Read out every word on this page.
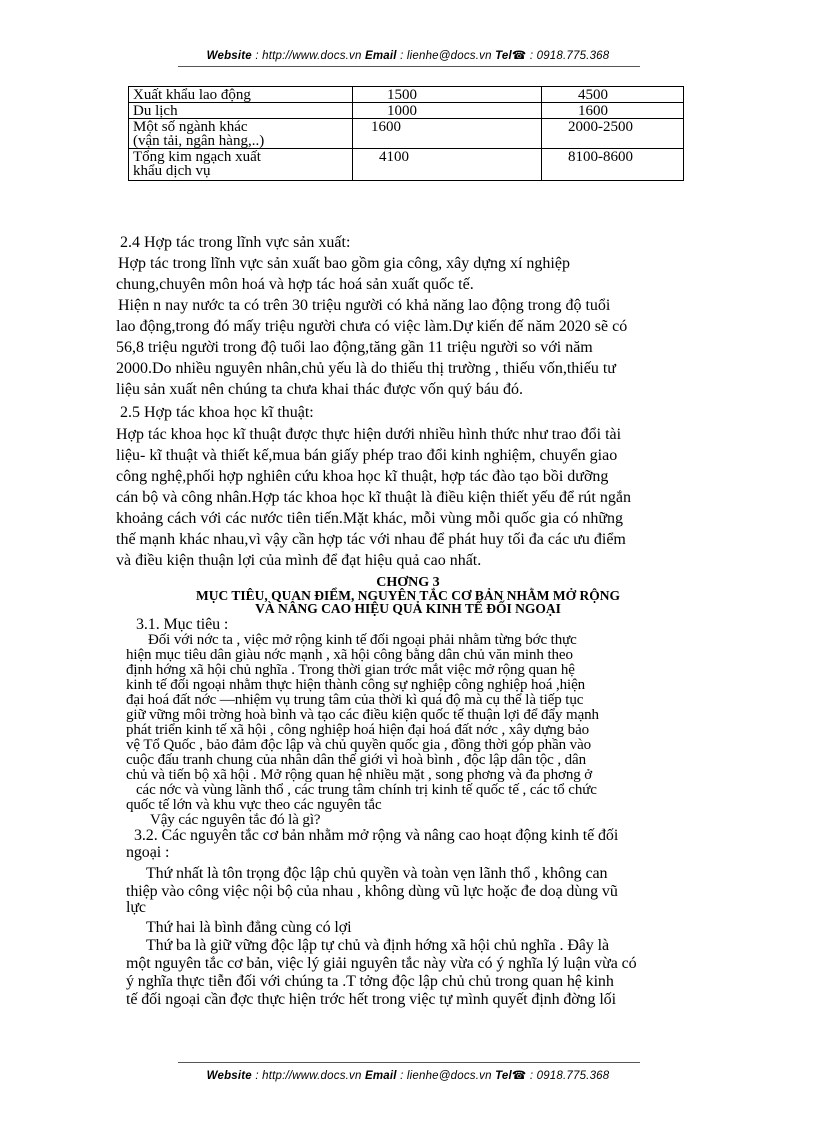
Website : http://www.docs.vn Email : lienhe@docs.vn Tel☎ : 0918.775.368
Xuất khẩu lao động	1500	4500
Du lịch	1000	1600
Một số ngành khác
(vận tải, ngân hàng,..)	1600	2000-2500
Tổng kim ngạch xuất
khẩu dịch vụ	4100	8100-8600
2.4 Hợp tác trong lĩnh vực sản xuất:
Hợp tác trong lĩnh vực sản xuất bao gồm gia công, xây dựng xí nghiệp
chung,chuyên môn hoá và hợp tác hoá sản xuất quốc tế.
Hiện n nay nước ta có trên 30 triệu người có khả năng lao động trong độ tuổi
lao động,trong đó mấy triệu người chưa có việc làm.Dự kiến đế năm 2020 sẽ có
56,8 triệu người trong độ tuổi lao động,tăng gần 11 triệu người so với năm
2000.Do nhiều nguyên nhân,chủ yếu là do thiếu thị trường , thiếu vốn,thiếu tư
liệu sản xuất nên chúng ta chưa khai thác được vốn quý báu đó.
2.5 Hợp tác khoa học kĩ thuật:
Hợp tác khoa học kĩ thuật được thực hiện dưới nhiều hình thức như trao đổi tài
liệu- kĩ thuật và thiết kế,mua bán giấy phép trao đổi kinh nghiệm, chuyển giao
công nghệ,phối hợp nghiên cứu khoa học kĩ thuật, hợp tác đào tạo bồi dưỡng
cán bộ và công nhân.Hợp tác khoa học kĩ thuật là điều kiện thiết yếu để rút ngắn
khoảng cách với các nước tiên tiến.Mặt khác, mỗi vùng mỗi quốc gia có những
thế mạnh khác nhau,vì vậy cần hợp tác với nhau để phát huy tối đa các ưu điểm
và điều kiện thuận lợi của mình để đạt hiệu quả cao nhất.
CHƠNG 3
MỤC TIÊU, QUAN ĐIỂM, NGUYÊN TẮC CƠ BẢN NHẰM MỞ RỘNG
VÀ NÂNG CAO HIỆU QUẢ KINH TẾ ĐỐI NGOẠI
3.1. Mục tiêu :
Đối với nớc ta , việc mở rộng kinh tế đối ngoại phải nhằm từng bớc thực
hiện mục tiêu dân giàu nớc mạnh , xã hội công bằng dân chủ văn minh theo
định hớng xã hội chủ nghĩa . Trong thời gian trớc mắt việc mở rộng quan hệ
kinh tế đối ngoại nhằm thực hiện thành công sự nghiệp công nghiệp hoá ,hiện
đại hoá đất nớc —nhiệm vụ trung tâm của thời kì quá độ mà cụ thể là tiếp tục
giữ vững môi trờng hoà bình và tạo các điều kiện quốc tế thuận lợi để đẩy mạnh
phát triển kinh tế xã hội , công nghiệp hoá hiện đại hoá đất nớc , xây dựng bảo
vệ Tổ Quốc , bảo đảm độc lập và chủ quyền quốc gia , đồng thời góp phần vào
cuộc đấu tranh chung của nhân dân thế giới vì hoà bình , độc lập dân tộc , dân
chủ và tiến bộ xã hội . Mở rộng quan hệ nhiều mặt , song phơng và đa phơng ở
các nớc và vùng lãnh thổ , các trung tâm chính trị kinh tế quốc tế , các tổ chức
quốc tế lớn và khu vực theo các nguyên tắc
Vậy các nguyên tắc đó là gì?
3.2. Các nguyên tắc cơ bản nhằm mở rộng và nâng cao hoạt động kinh tế đối
ngoại :
Thứ nhất là tôn trọng độc lập chủ quyền và toàn vẹn lãnh thổ , không can
thiệp vào công việc nội bộ của nhau , không dùng vũ lực hoặc đe doạ dùng vũ
lực
Thứ hai là bình đẳng cùng có lợi
Thứ ba là giữ vững độc lập tự chủ và định hớng xã hội chủ nghĩa . Đây là
một nguyên tắc cơ bản, việc lý giải nguyên tắc này vừa có ý nghĩa lý luận vừa có
ý nghĩa thực tiễn đối với chúng ta .T tởng độc lập chủ chủ trong quan hệ kinh
tế đối ngoại cần đợc thực hiện trớc hết trong việc tự mình quyết định đờng lối
Website : http://www.docs.vn Email : lienhe@docs.vn Tel☎ : 0918.775.368
